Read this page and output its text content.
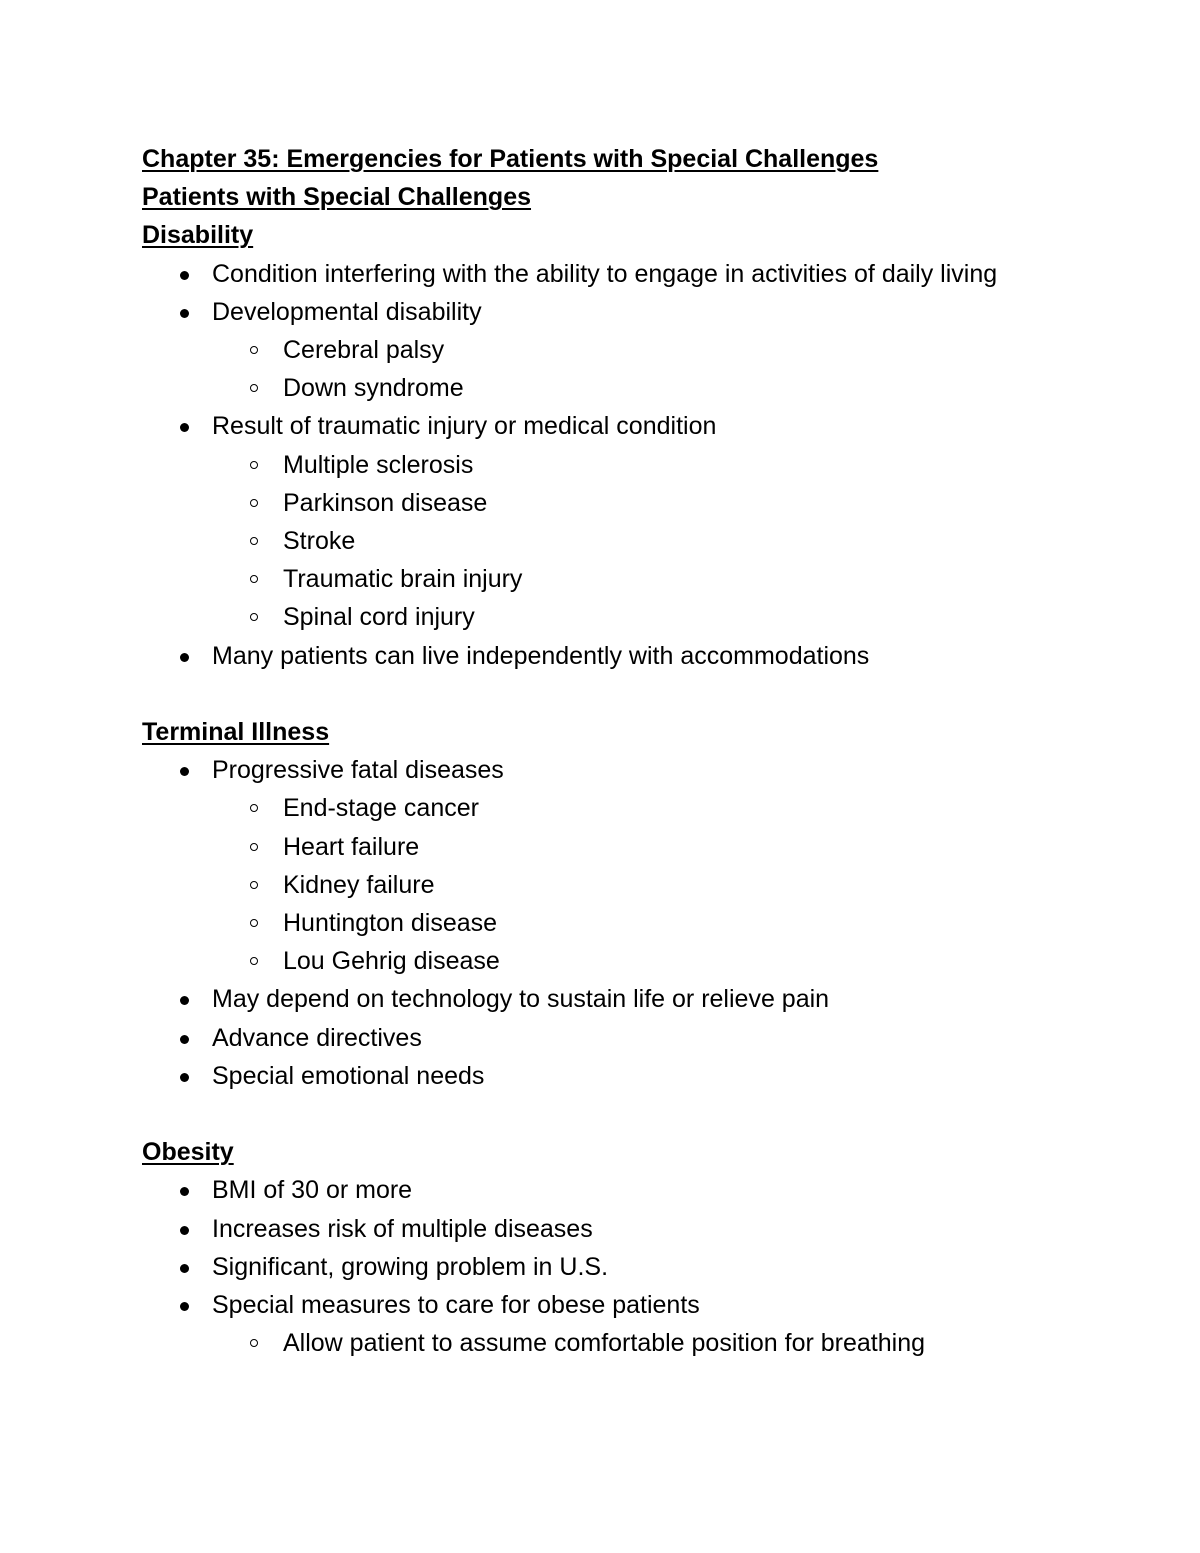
Chapter 35: Emergencies for Patients with Special Challenges
Patients with Special Challenges
Disability
Condition interfering with the ability to engage in activities of daily living
Developmental disability
Cerebral palsy
Down syndrome
Result of traumatic injury or medical condition
Multiple sclerosis
Parkinson disease
Stroke
Traumatic brain injury
Spinal cord injury
Many patients can live independently with accommodations
Terminal Illness
Progressive fatal diseases
End-stage cancer
Heart failure
Kidney failure
Huntington disease
Lou Gehrig disease
May depend on technology to sustain life or relieve pain
Advance directives
Special emotional needs
Obesity
BMI of 30 or more
Increases risk of multiple diseases
Significant, growing problem in U.S.
Special measures to care for obese patients
Allow patient to assume comfortable position for breathing
